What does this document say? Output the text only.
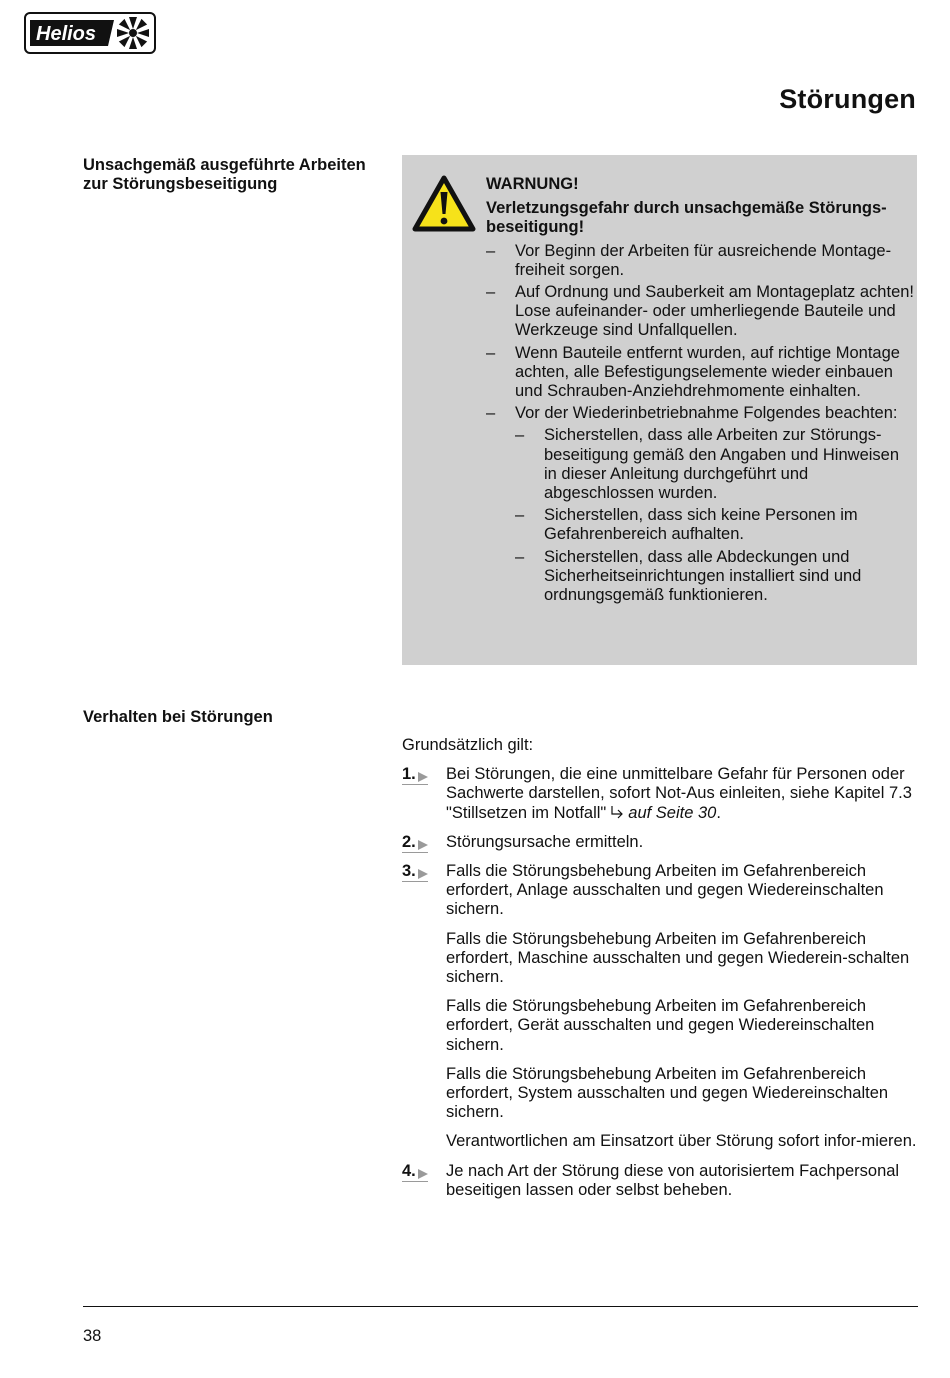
Helios
Störungen
Unsachgemäß ausgeführte Arbeiten
zur Störungsbeseitigung	WARNUNG!
Verletzungsgefahr durch unsachgemäße Störungs-beseitigung!
– Vor Beginn der Arbeiten für ausreichende Montage-freiheit sorgen.
– Auf Ordnung und Sauberkeit am Montageplatz achten! Lose aufeinander- oder umherliegende Bauteile und Werkzeuge sind Unfallquellen.
– Wenn Bauteile entfernt wurden, auf richtige Montage achten, alle Befestigungselemente wieder einbauen und Schrauben-Anziehdrehmomente einhalten.
– Vor der Wiederinbetriebnahme Folgendes beachten:
– Sicherstellen, dass alle Arbeiten zur Störungs-beseitigung gemäß den Angaben und Hinweisen in dieser Anleitung durchgeführt und abgeschlossen wurden.
– Sicherstellen, dass sich keine Personen im Gefahrenbereich aufhalten.
– Sicherstellen, dass alle Abdeckungen und Sicherheitseinrichtungen installiert sind und ordnungsgemäß funktionieren.
Verhalten bei Störungen
Grundsätzlich gilt:
1.	Bei Störungen, die eine unmittelbare Gefahr für Personen oder Sachwerte darstellen, sofort Not-Aus einleiten, siehe Kapitel 7.3 "Stillsetzen im Notfall" auf Seite 30.
2.	Störungsursache ermitteln.
3.	Falls die Störungsbehebung Arbeiten im Gefahrenbereich erfordert, Anlage ausschalten und gegen Wiedereinschalten sichern.
Falls die Störungsbehebung Arbeiten im Gefahrenbereich erfordert, Maschine ausschalten und gegen Wiederein-schalten sichern.
Falls die Störungsbehebung Arbeiten im Gefahrenbereich erfordert, Gerät ausschalten und gegen Wiedereinschalten sichern.
Falls die Störungsbehebung Arbeiten im Gefahrenbereich erfordert, System ausschalten und gegen Wiedereinschalten sichern.
Verantwortlichen am Einsatzort über Störung sofort infor-mieren.
4.	Je nach Art der Störung diese von autorisiertem Fachpersonal beseitigen lassen oder selbst beheben.
38
